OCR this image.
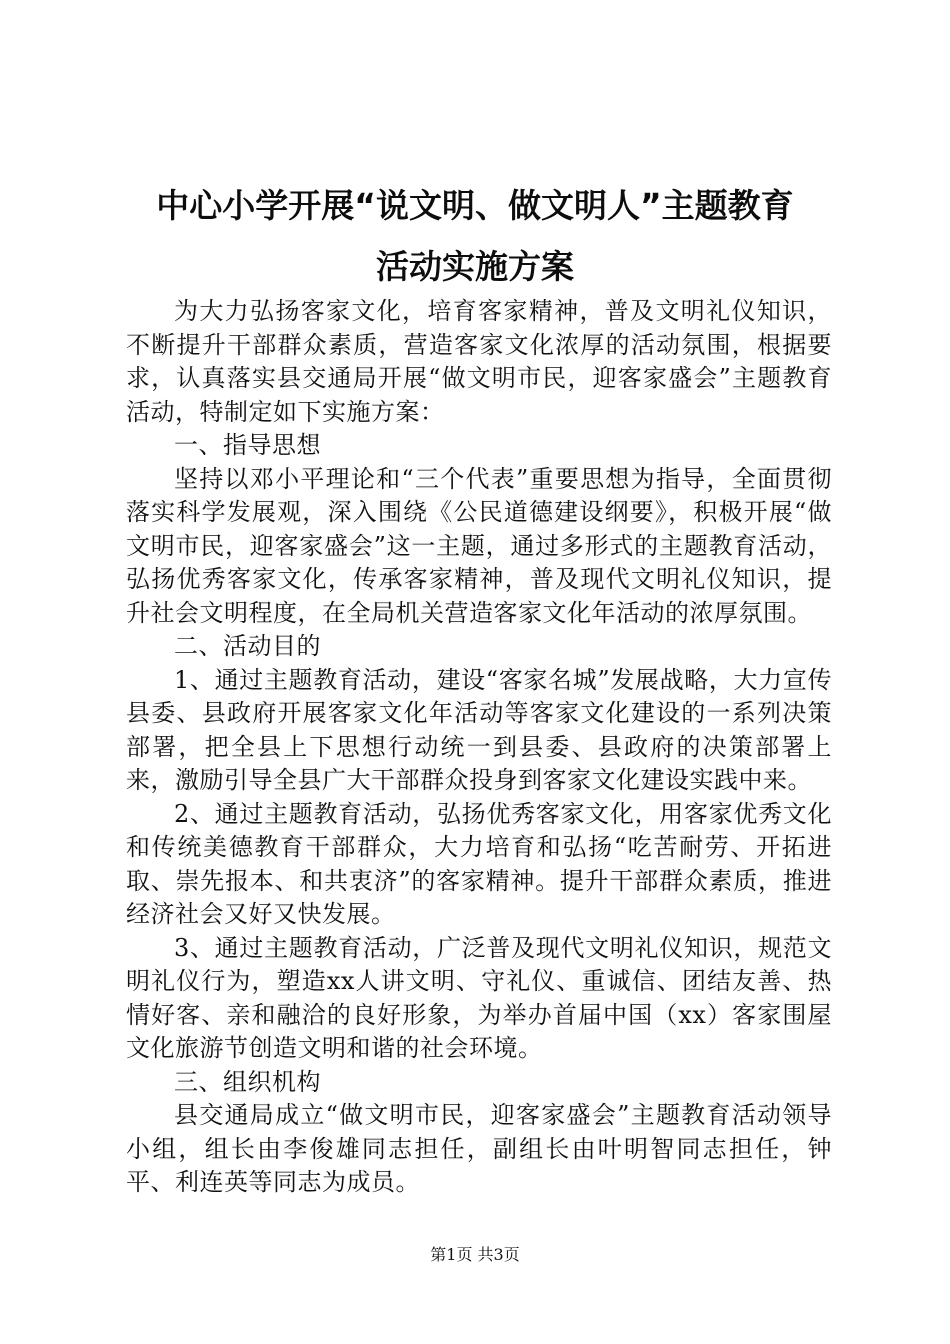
中心小学开展“说文明、做文明人”主题教育
活动实施方案

为大力弘扬客家文化，培育客家精神，普及文明礼仪知识，不断提升干部群众素质，营造客家文化浓厚的活动氛围，根据要求，认真落实县交通局开展“做文明市民，迎客家盛会”主题教育活动，特制定如下实施方案：

一、指导思想

坚持以邓小平理论和“三个代表”重要思想为指导，全面贯彻落实科学发展观，深入围绕《公民道德建设纲要》，积极开展“做文明市民，迎客家盛会”这一主题，通过多形式的主题教育活动，弘扬优秀客家文化，传承客家精神，普及现代文明礼仪知识，提升社会文明程度，在全局机关营造客家文化年活动的浓厚氛围。

二、活动目的

1、通过主题教育活动，建设“客家名城”发展战略，大力宣传县委、县政府开展客家文化年活动等客家文化建设的一系列决策部署，把全县上下思想行动统一到县委、县政府的决策部署上来，激励引导全县广大干部群众投身到客家文化建设实践中来。

2、通过主题教育活动，弘扬优秀客家文化，用客家优秀文化和传统美德教育干部群众，大力培育和弘扬“吃苦耐劳、开拓进取、崇先报本、和共衷济”的客家精神。提升干部群众素质，推进经济社会又好又快发展。

3、通过主题教育活动，广泛普及现代文明礼仪知识，规范文明礼仪行为，塑造xx人讲文明、守礼仪、重诚信、团结友善、热情好客、亲和融洽的良好形象，为举办首届中国（xx）客家围屋文化旅游节创造文明和谐的社会环境。

三、组织机构

县交通局成立“做文明市民，迎客家盛会”主题教育活动领导小组，组长由李俊雄同志担任，副组长由叶明智同志担任，钟平、利连英等同志为成员。

第1页 共3页
